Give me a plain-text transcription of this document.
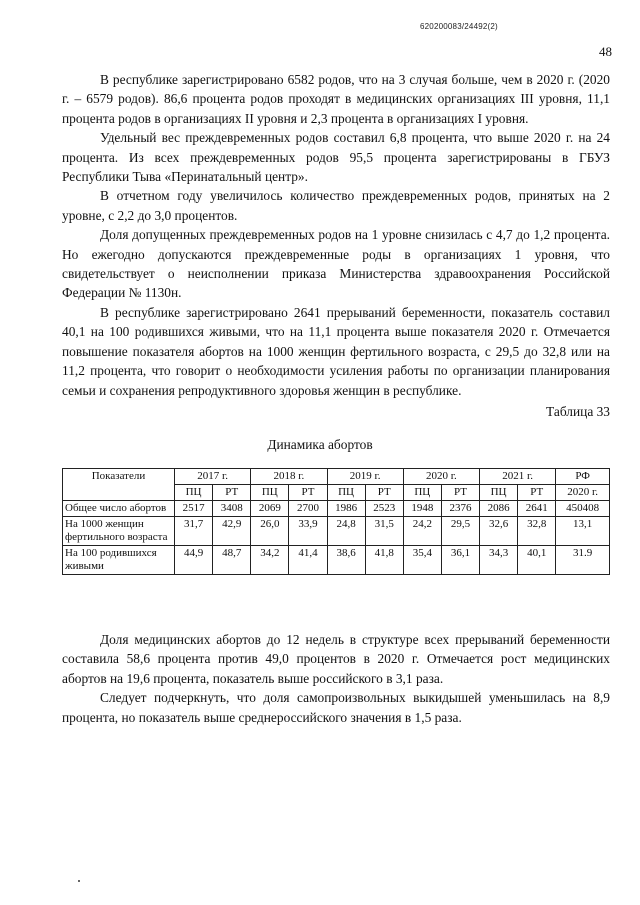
620200083/24492(2)
48

В республике зарегистрировано 6582 родов, что на 3 случая больше, чем в 2020 г. (2020 г. – 6579 родов). 86,6 процента родов проходят в медицинских организациях III уровня, 11,1 процента родов в организациях II уровня и 2,3 процента в организациях I уровня.

Удельный вес преждевременных родов составил 6,8 процента, что выше 2020 г. на 24 процента. Из всех преждевременных родов 95,5 процента зарегистрированы в ГБУЗ Республики Тыва «Перинатальный центр».

В отчетном году увеличилось количество преждевременных родов, принятых на 2 уровне, с 2,2 до 3,0 процентов.

Доля допущенных преждевременных родов на 1 уровне снизилась с 4,7 до 1,2 процента. Но ежегодно допускаются преждевременные роды в организациях 1 уровня, что свидетельствует о неисполнении приказа Министерства здравоохранения Российской Федерации № 1130н.

В республике зарегистрировано 2641 прерываний беременности, показатель составил 40,1 на 100 родившихся живыми, что на 11,1 процента выше показателя 2020 г. Отмечается повышение показателя абортов на 1000 женщин фертильного возраста, с 29,5 до 32,8 или на 11,2 процента, что говорит о необходимости усиления работы по организации планирования семьи и сохранения репродуктивного здоровья женщин в республике.

Таблица 33
Динамика абортов
Показатели	2017 г.		2018 г.		2019 г.		2020 г.		2021 г.		РФ
	ПЦ	РТ	ПЦ	РТ	ПЦ	РТ	ПЦ	РТ	ПЦ	РТ	2020 г.
Общее число абортов	2517	3408	2069	2700	1986	2523	1948	2376	2086	2641	450408
На 1000 женщин фертильного возраста	31,7	42,9	26,0	33,9	24,8	31,5	24,2	29,5	32,6	32,8	13,1
На 100 родившихся живыми	44,9	48,7	34,2	41,4	38,6	41,8	35,4	36,1	34,3	40,1	31.9

Доля медицинских абортов до 12 недель в структуре всех прерываний беременности составила 58,6 процента против 49,0 процентов в 2020 г. Отмечается рост медицинских абортов на 19,6 процента, показатель выше российского в 3,1 раза.

Следует подчеркнуть, что доля самопроизвольных выкидышей уменьшилась на 8,9 процента, но показатель выше среднероссийского значения в 1,5 раза.
